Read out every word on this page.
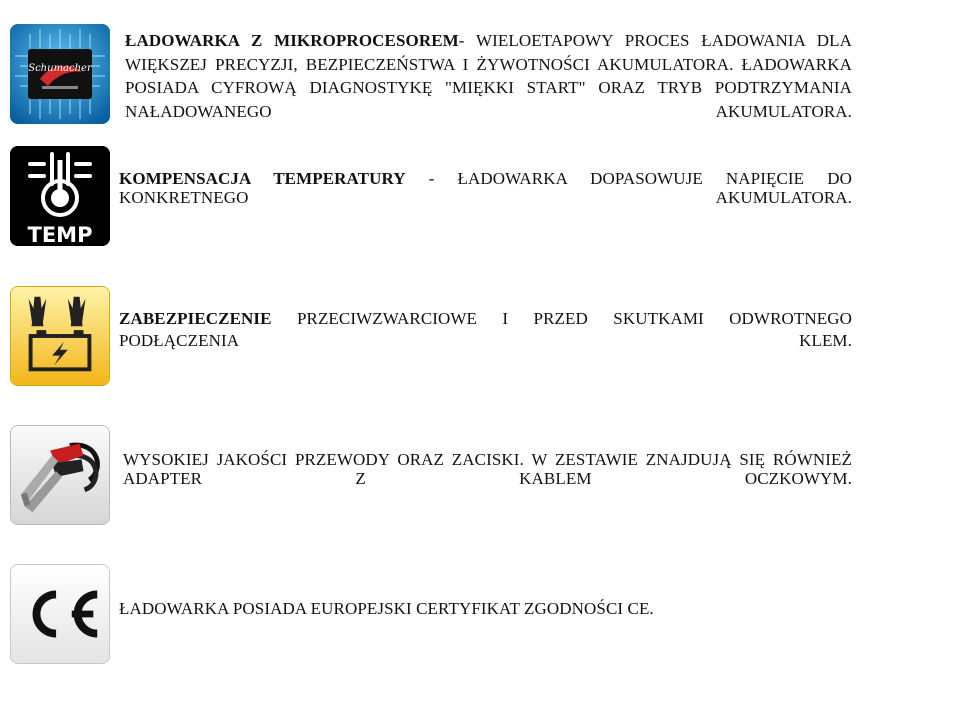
Schumacher
ŁADOWARKA Z MIKROPROCESOREM- WIELOETAPOWY PROCES ŁADOWANIA DLA WIĘKSZEJ PRECYZJI, BEZPIECZEŃSTWA I ŻYWOTNOŚCI AKUMULATORA. ŁADOWARKA POSIADA CYFROWĄ DIAGNOSTYKĘ "MIĘKKI START" ORAZ TRYB PODTRZYMANIA NAŁADOWANEGO AKUMULATORA.
TEMP
KOMPENSACJA TEMPERATURY - ŁADOWARKA DOPASOWUJE NAPIĘCIE DO KONKRETNEGO AKUMULATORA.
ZABEZPIECZENIE PRZECIWZWARCIOWE I PRZED SKUTKAMI ODWROTNEGO PODŁĄCZENIA KLEM.
WYSOKIEJ JAKOŚCI PRZEWODY ORAZ ZACISKI. W ZESTAWIE ZNAJDUJĄ SIĘ RÓWNIEŻ ADAPTER Z KABLEM OCZKOWYM.
ŁADOWARKA POSIADA EUROPEJSKI CERTYFIKAT ZGODNOŚCI CE.
